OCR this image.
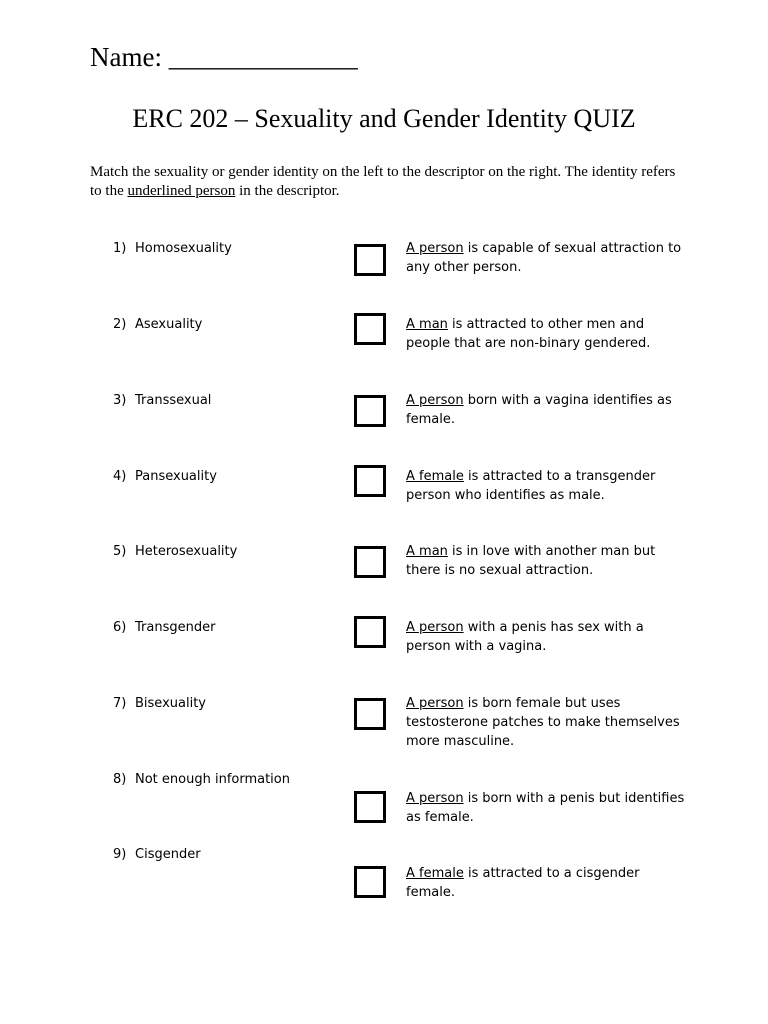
Name: ______________
ERC 202 – Sexuality and Gender Identity QUIZ

Match the sexuality or gender identity on the left to the descriptor on the right. The identity refers to the underlined person in the descriptor.

1) Homosexuality
2) Asexuality
3) Transsexual
4) Pansexuality
5) Heterosexuality
6) Transgender
7) Bisexuality
8) Not enough information
9) Cisgender
A person is capable of sexual attraction to any other person.
A man is attracted to other men and people that are non-binary gendered.
A person born with a vagina identifies as female.
A female is attracted to a transgender person who identifies as male.
A man is in love with another man but there is no sexual attraction.
A person with a penis has sex with a person with a vagina.
A person is born female but uses testosterone patches to make themselves more masculine.
A person is born with a penis but identifies as female.
A female is attracted to a cisgender female.
